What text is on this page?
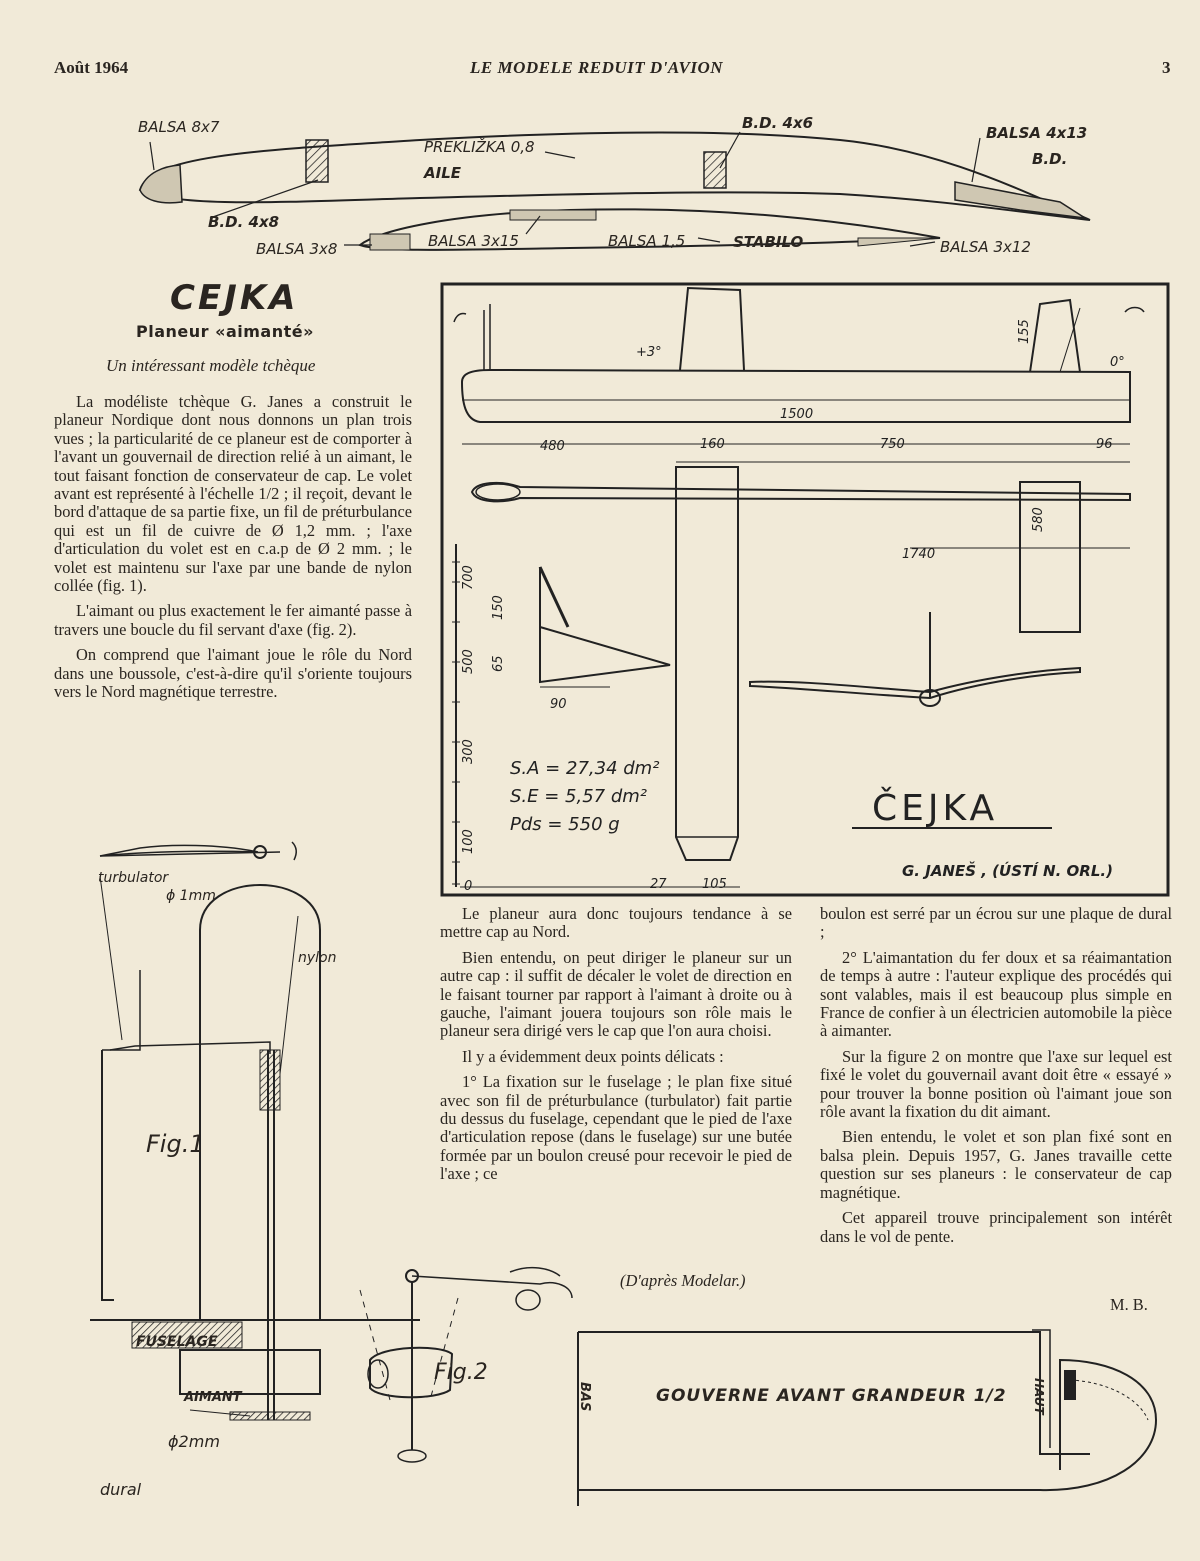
Août 1964	LE MODELE REDUIT D'AVION	3
BALSA 8x7
B.D. 4x8
PŘEKLIŽKA 0,8
AILE
B.D. 4x6
BALSA 4x13
B.D.
BALSA 3x8	BALSA 3x15	BALSA 1,5	STABILO	BALSA 3x12
CEJKA
Planeur «aimanté»
Un intéressant modèle tchèque

La modéliste tchèque G. Janes a construit le planeur Nordique dont nous donnons un plan trois vues ; la particularité de ce planeur est de comporter à l'avant un gouvernail de direction relié à un aimant, le tout faisant fonction de conservateur de cap. Le volet avant est représenté à l'échelle 1/2 ; il reçoit, devant le bord d'attaque de sa partie fixe, un fil de préturbulance qui est un fil de cuivre de Ø 1,2 mm. ; l'axe d'articulation du volet est en c.a.p de Ø 2 mm. ; le volet est maintenu sur l'axe par une bande de nylon collée (fig. 1).

L'aimant ou plus exactement le fer aimanté passe à travers une boucle du fil servant d'axe (fig. 2).

On comprend que l'aimant joue le rôle du Nord dans une boussole, c'est-à-dire qu'il s'oriente toujours vers le Nord magnétique terrestre.

+3°
0°
155
1500
480	160	750	96
580
1740
150
65
90
27	105
700
500
300
100
0
S.A = 27,34 dm²
S.E = 5,57 dm²
Pds = 550 g	ČEJKA
G. JANEŠ , (ÚSTÍ N. ORL.)

Le planeur aura donc toujours tendance à se mettre cap au Nord.

Bien entendu, on peut diriger le planeur sur un autre cap : il suffit de décaler le volet de direction en le faisant tourner par rapport à l'aimant à droite ou à gauche, l'aimant jouera toujours son rôle mais le planeur sera dirigé vers le cap que l'on aura choisi.

Il y a évidemment deux points délicats :

1° La fixation sur le fuselage ; le plan fixe situé avec son fil de préturbulance (turbulator) fait partie du dessus du fuselage, cependant que le pied de l'axe d'articulation repose (dans le fuselage) sur une butée formée par un boulon creusé pour recevoir le pied de l'axe ; ce

(D'après Modelar.)

boulon est serré par un écrou sur une plaque de dural ;

2° L'aimantation du fer doux et sa réaimantation de temps à autre : l'auteur explique des procédés qui sont valables, mais il est beaucoup plus simple en France de confier à un électricien automobile la pièce à aimanter.

Sur la figure 2 on montre que l'axe sur lequel est fixé le volet du gouvernail avant doit être « essayé » pour trouver la bonne position où l'aimant joue son rôle avant la fixation du dit aimant.

Bien entendu, le volet et son plan fixé sont en balsa plein. Depuis 1957, G. Janes travaille cette question sur ses planeurs : le conservateur de cap magnétique.

Cet appareil trouve principalement son intérêt dans le vol de pente.

M. B.
turbulator
ϕ 1mm
nylon
Fig.1
FUSELAGE
AIMANT
ϕ2mm
dural
Fig.2
BAS	GOUVERNE AVANT GRANDEUR 1/2 HAUT
